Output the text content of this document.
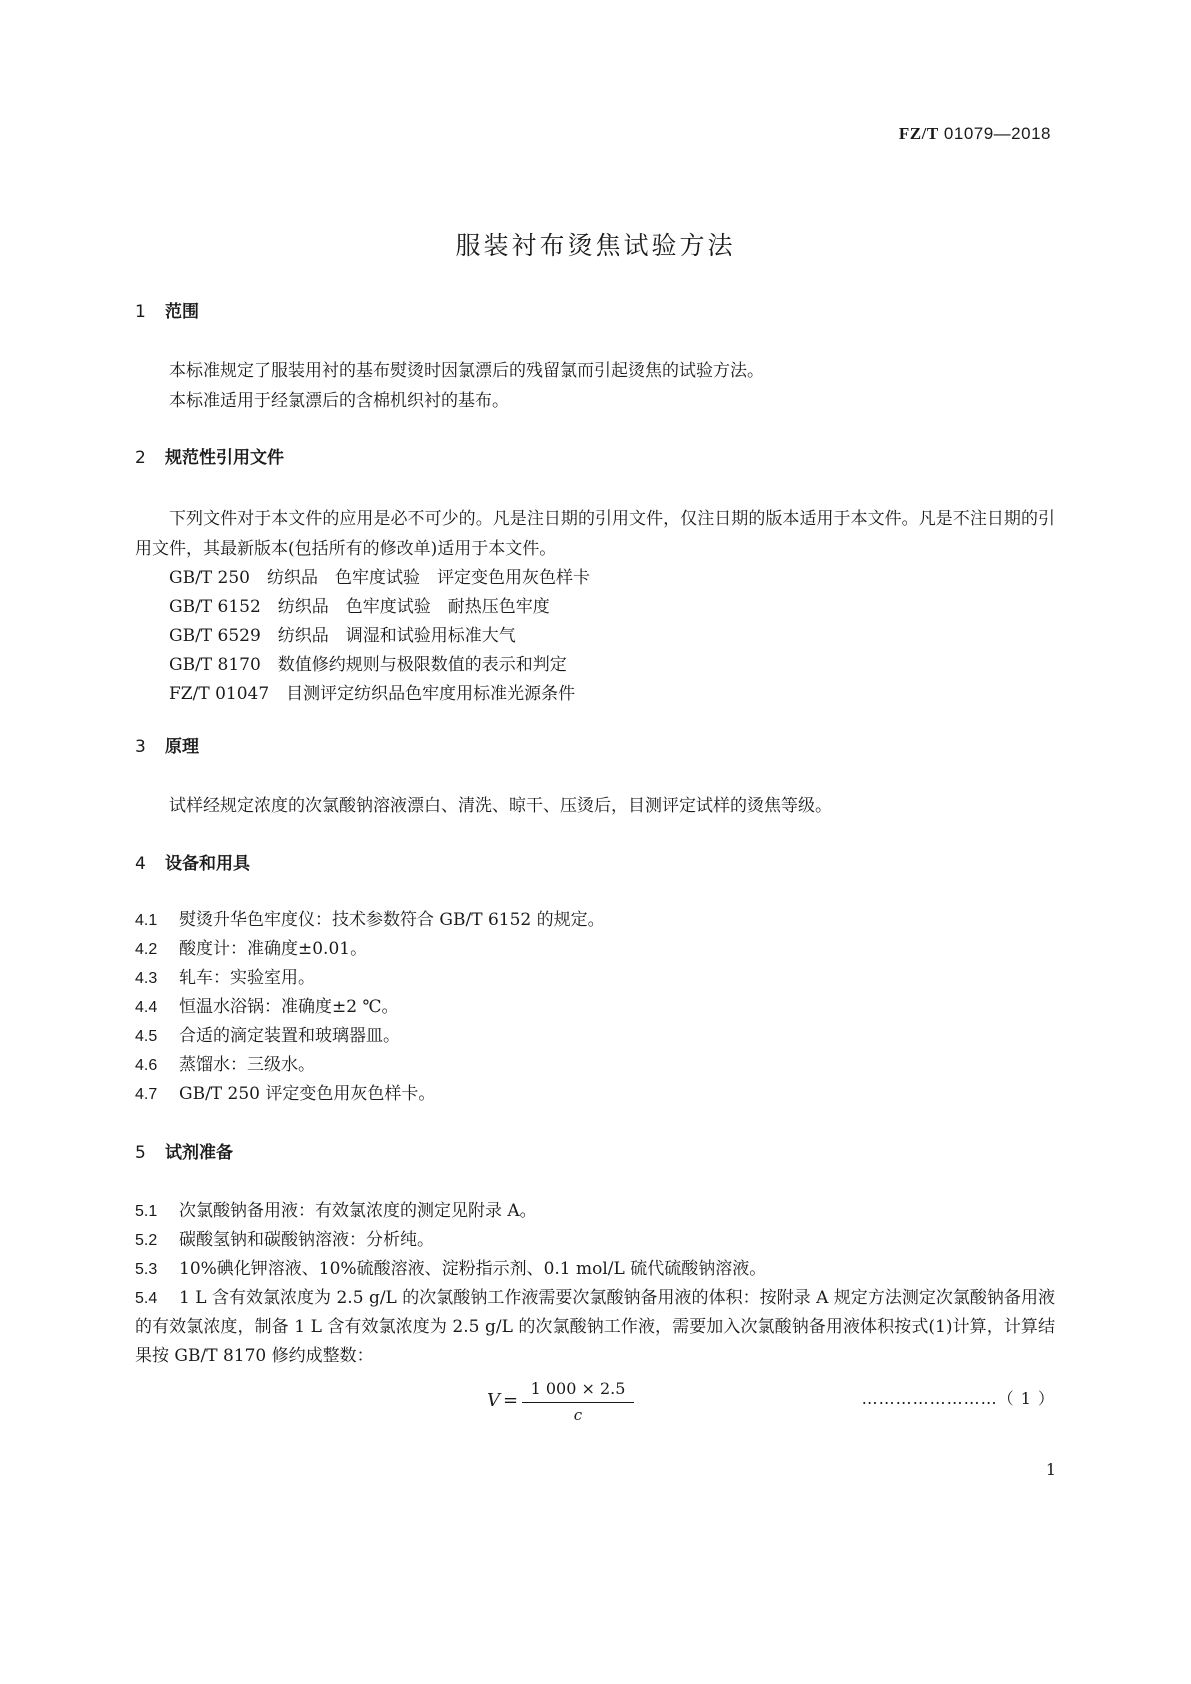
FZ/T 01079—2018
服装衬布烫焦试验方法
1 范围

本标准规定了服装用衬的基布熨烫时因氯漂后的残留氯而引起烫焦的试验方法。

本标准适用于经氯漂后的含棉机织衬的基布。

2 规范性引用文件

下列文件对于本文件的应用是必不可少的。凡是注日期的引用文件，仅注日期的版本适用于本文件。凡是不注日期的引用文件，其最新版本(包括所有的修改单)适用于本文件。

GB/T 250　纺织品　色牢度试验　评定变色用灰色样卡
GB/T 6152　纺织品　色牢度试验　耐热压色牢度
GB/T 6529　纺织品　调湿和试验用标准大气
GB/T 8170　数值修约规则与极限数值的表示和判定
FZ/T 01047　目测评定纺织品色牢度用标准光源条件
3 原理

试样经规定浓度的次氯酸钠溶液漂白、清洗、晾干、压烫后，目测评定试样的烫焦等级。

4 设备和用具
4.1 熨烫升华色牢度仪：技术参数符合 GB/T 6152 的规定。
4.2 酸度计：准确度±0.01。
4.3 轧车：实验室用。
4.4 恒温水浴锅：准确度±2 ℃。
4.5 合适的滴定装置和玻璃器皿。
4.6 蒸馏水：三级水。
4.7 GB/T 250 评定变色用灰色样卡。
5 试剂准备
5.1 次氯酸钠备用液：有效氯浓度的测定见附录 A。
5.2 碳酸氢钠和碳酸钠溶液：分析纯。
5.3 10%碘化钾溶液、10%硫酸溶液、淀粉指示剂、0.1 mol/L 硫代硫酸钠溶液。
5.4 1 L 含有效氯浓度为 2.5 g/L 的次氯酸钠工作液需要次氯酸钠备用液的体积：按附录 A 规定方法测定次氯酸钠备用液的有效氯浓度，制备 1 L 含有效氯浓度为 2.5 g/L 的次氯酸钠工作液，需要加入次氯酸钠备用液体积按式(1)计算，计算结果按 GB/T 8170 修约成整数：
V =
1 000 × 2.5
c
……………………（ 1 ）
1
